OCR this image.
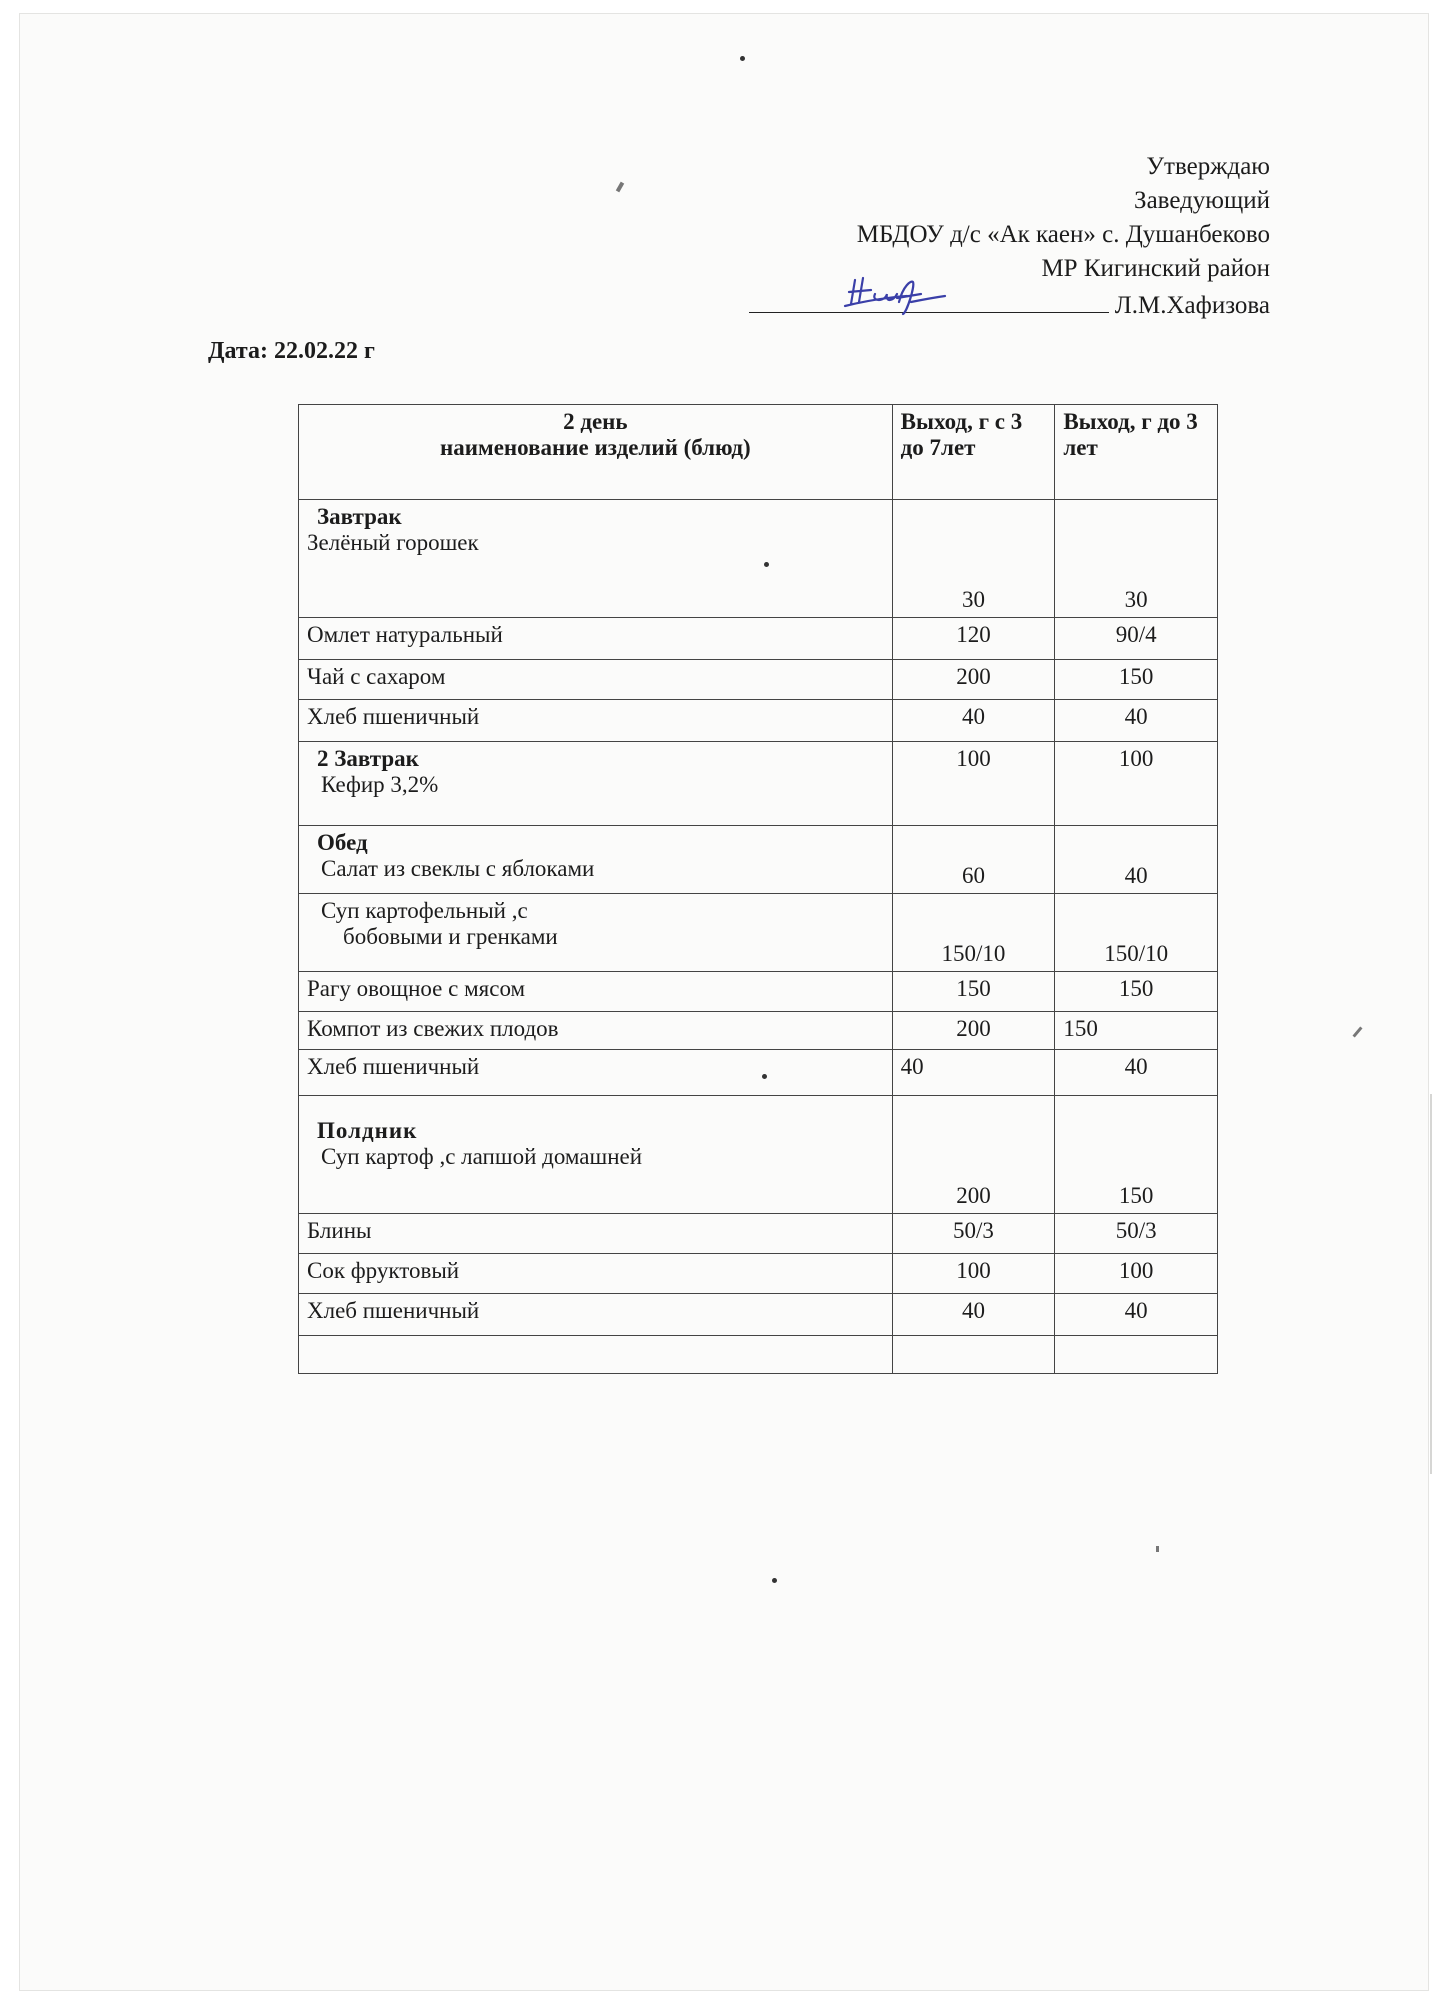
Утверждаю
Заведующий
МБДОУ д/с «Ак каен» с. Душанбеково
МР Кигинский район
Л.М.Хафизова
Дата: 22.02.22 г
2 день
наименование изделий (блюд)	Выход, г с 3 до 7лет	Выход, г до 3 лет

Завтрак
Зелёный горошек	30	30
Омлет натуральный	120	90/4
Чай с сахаром	200	150
Хлеб пшеничный	40	40

2 Завтрак
Кефир 3,2%	100	100

Обед
Салат из свеклы с яблоками	60	40

Суп картофельный ,с
бобовыми и гренками	150/10	150/10
Рагу овощное с мясом	150	150
Компот из свежих плодов	200	150
Хлеб пшеничный	40	40

Полдник
Суп картоф ,с лапшой домашней	200	150
Блины	50/3	50/3
Сок фруктовый	100	100
Хлеб пшеничный	40	40
